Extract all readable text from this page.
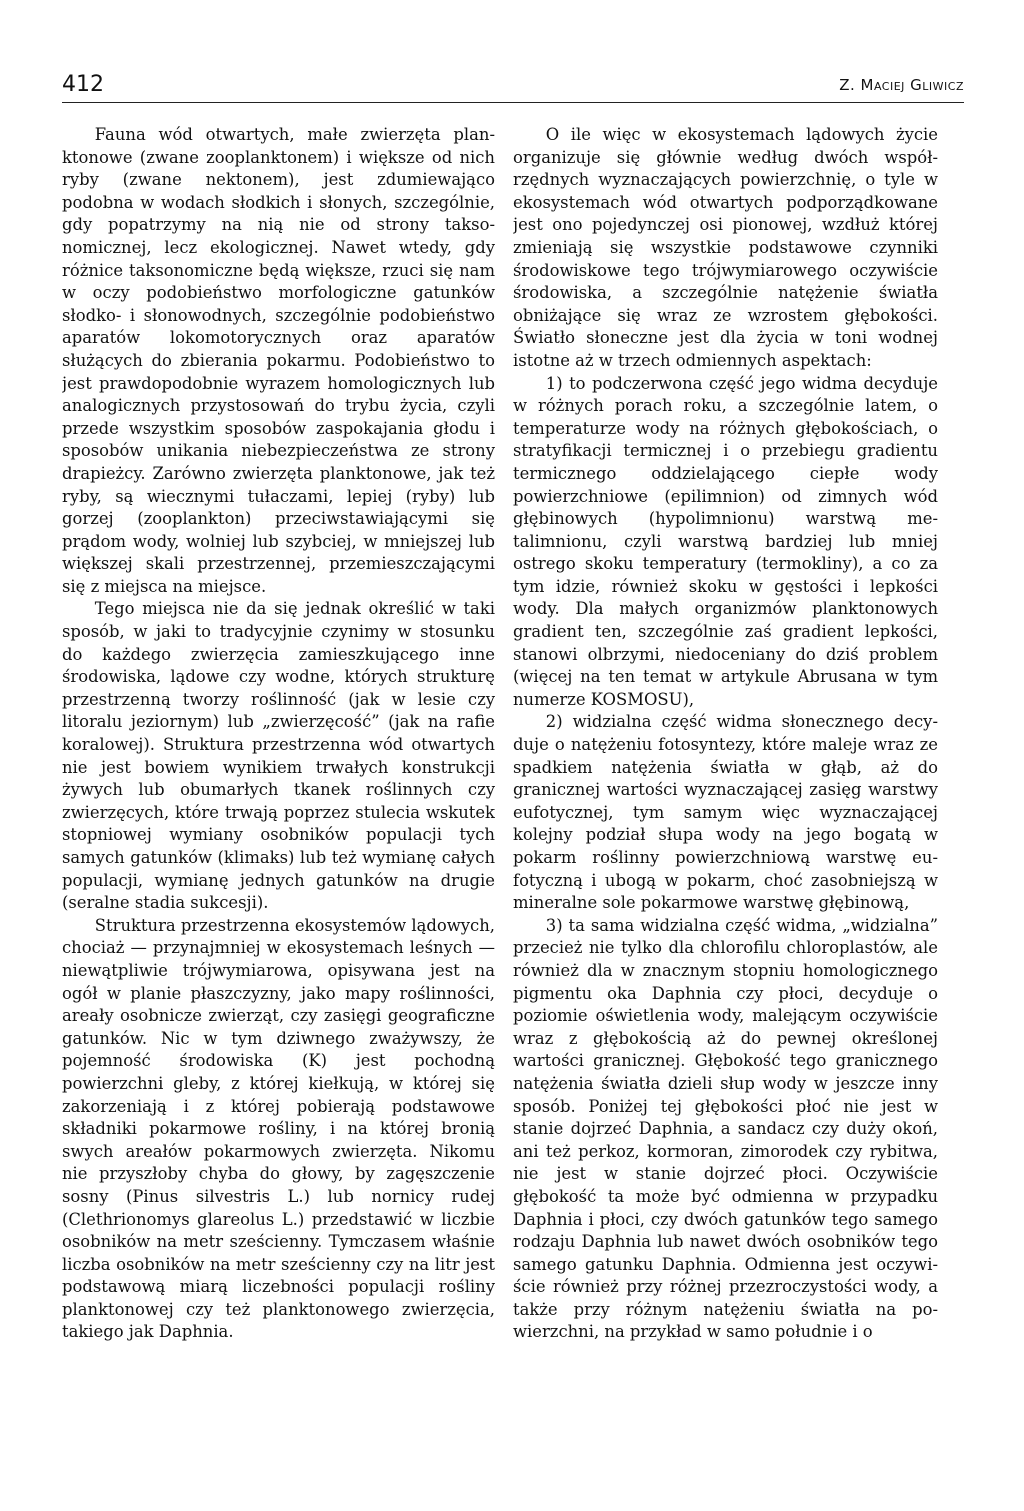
412	Z. Maciej Gliwicz

Fauna wód otwartych, małe zwierzęta planktonowe (zwane zooplanktonem) i większe od nich ryby (zwane nektonem), jest zdumiewająco podobna w wodach słodkich i słonych, szczególnie, gdy popatrzymy na nią nie od strony taksonomicznej, lecz ekologicznej. Nawet wtedy, gdy różnice taksonomiczne będą większe, rzuci się nam w oczy podobieństwo morfologiczne gatunków słodko- i słonowodnych, szczególnie podobieństwo aparatów lokomotorycznych oraz aparatów służących do zbierania pokarmu. Podobieństwo to jest prawdopodobnie wyrazem homologicznych lub analogicznych przystosowań do trybu życia, czyli przede wszystkim sposobów zaspokajania głodu i sposobów unikania niebezpieczeństwa ze strony drapieżcy. Zarówno zwierzęta planktonowe, jak też ryby, są wiecznymi tułaczami, lepiej (ryby) lub gorzej (zooplankton) przeciwstawiającymi się prądom wody, wolniej lub szybciej, w mniejszej lub większej skali przestrzennej, przemieszczającymi się z miejsca na miejsce.

Tego miejsca nie da się jednak określić w taki sposób, w jaki to tradycyjnie czynimy w stosunku do każdego zwierzęcia zamieszkującego inne środowiska, lądowe czy wodne, których strukturę przestrzenną tworzy roślinność (jak w lesie czy litoralu jeziornym) lub „zwierzęcość” (jak na rafie koralowej). Struktura przestrzenna wód otwartych nie jest bowiem wynikiem trwałych konstrukcji żywych lub obumarłych tkanek roślinnych czy zwierzęcych, które trwają poprzez stulecia wskutek stopniowej wymiany osobników populacji tych samych gatunków (klimaks) lub też wymianę całych populacji, wymianę jednych gatunków na drugie (seralne stadia sukcesji).

Struktura przestrzenna ekosystemów lądowych, chociaż — przynajmniej w ekosystemach leśnych — niewątpliwie trójwymiarowa, opisywana jest na ogół w planie płaszczyzny, jako mapy roślinności, areały osobnicze zwierząt, czy zasięgi geograficzne gatunków. Nic w tym dziwnego zważywszy, że pojemność środowiska (K) jest pochodną powierzchni gleby, z której kiełkują, w której się zakorzeniają i z której pobierają podstawowe składniki pokarmowe rośliny, i na której bronią swych areałów pokarmowych zwierzęta. Nikomu nie przyszłoby chyba do głowy, by zagęszczenie sosny (Pinus silvestris L.) lub nornicy rudej (Clethrionomys glareolus L.) przedstawić w liczbie osobników na metr sześcienny. Tymczasem właśnie liczba osobników na metr sześcienny czy na litr jest podstawową miarą liczebności populacji rośliny planktonowej czy też planktonowego zwierzęcia, takiego jak Daphnia.

O ile więc w ekosystemach lądowych życie organizuje się głównie według dwóch współrzędnych wyznaczających powierzchnię, o tyle w ekosystemach wód otwartych podporządkowane jest ono pojedynczej osi pionowej, wzdłuż której zmieniają się wszystkie podstawowe czynniki środowiskowe tego trójwymiarowego oczywiście środowiska, a szczególnie natężenie światła obniżające się wraz ze wzrostem głębokości. Światło słoneczne jest dla życia w toni wodnej istotne aż w trzech odmiennych aspektach:

1) to podczerwona część jego widma decyduje w różnych porach roku, a szczególnie latem, o temperaturze wody na różnych głębokościach, o stratyfikacji termicznej i o przebiegu gradientu termicznego oddzielającego ciepłe wody powierzchniowe (epilimnion) od zimnych wód głębinowych (hypolimnionu) warstwą metalimnionu, czyli warstwą bardziej lub mniej ostrego skoku temperatury (termokliny), a co za tym idzie, również skoku w gęstości i lepkości wody. Dla małych organizmów planktonowych gradient ten, szczególnie zaś gradient lepkości, stanowi olbrzymi, niedoceniany do dziś problem (więcej na ten temat w artykule Abrusana w tym numerze KOSMOSU),

2) widzialna część widma słonecznego decyduje o natężeniu fotosyntezy, które maleje wraz ze spadkiem natężenia światła w głąb, aż do granicznej wartości wyznaczającej zasięg warstwy eufotycznej, tym samym więc wyznaczającej kolejny podział słupa wody na jego bogatą w pokarm roślinny powierzchniową warstwę eufotyczną i ubogą w pokarm, choć zasobniejszą w mineralne sole pokarmowe warstwę głębinową,

3) ta sama widzialna część widma, „widzialna” przecież nie tylko dla chlorofilu chloroplastów, ale również dla w znacznym stopniu homologicznego pigmentu oka Daphnia czy płoci, decyduje o poziomie oświetlenia wody, malejącym oczywiście wraz z głębokością aż do pewnej określonej wartości granicznej. Głębokość tego granicznego natężenia światła dzieli słup wody w jeszcze inny sposób. Poniżej tej głębokości płoć nie jest w stanie dojrzeć Daphnia, a sandacz czy duży okoń, ani też perkoz, kormoran, zimorodek czy rybitwa, nie jest w stanie dojrzeć płoci. Oczywiście głębokość ta może być odmienna w przypadku Daphnia i płoci, czy dwóch gatunków tego samego rodzaju Daphnia lub nawet dwóch osobników tego samego gatunku Daphnia. Odmienna jest oczywiście również przy różnej przezroczystości wody, a także przy różnym natężeniu światła na powierzchni, na przykład w samo południe i o
